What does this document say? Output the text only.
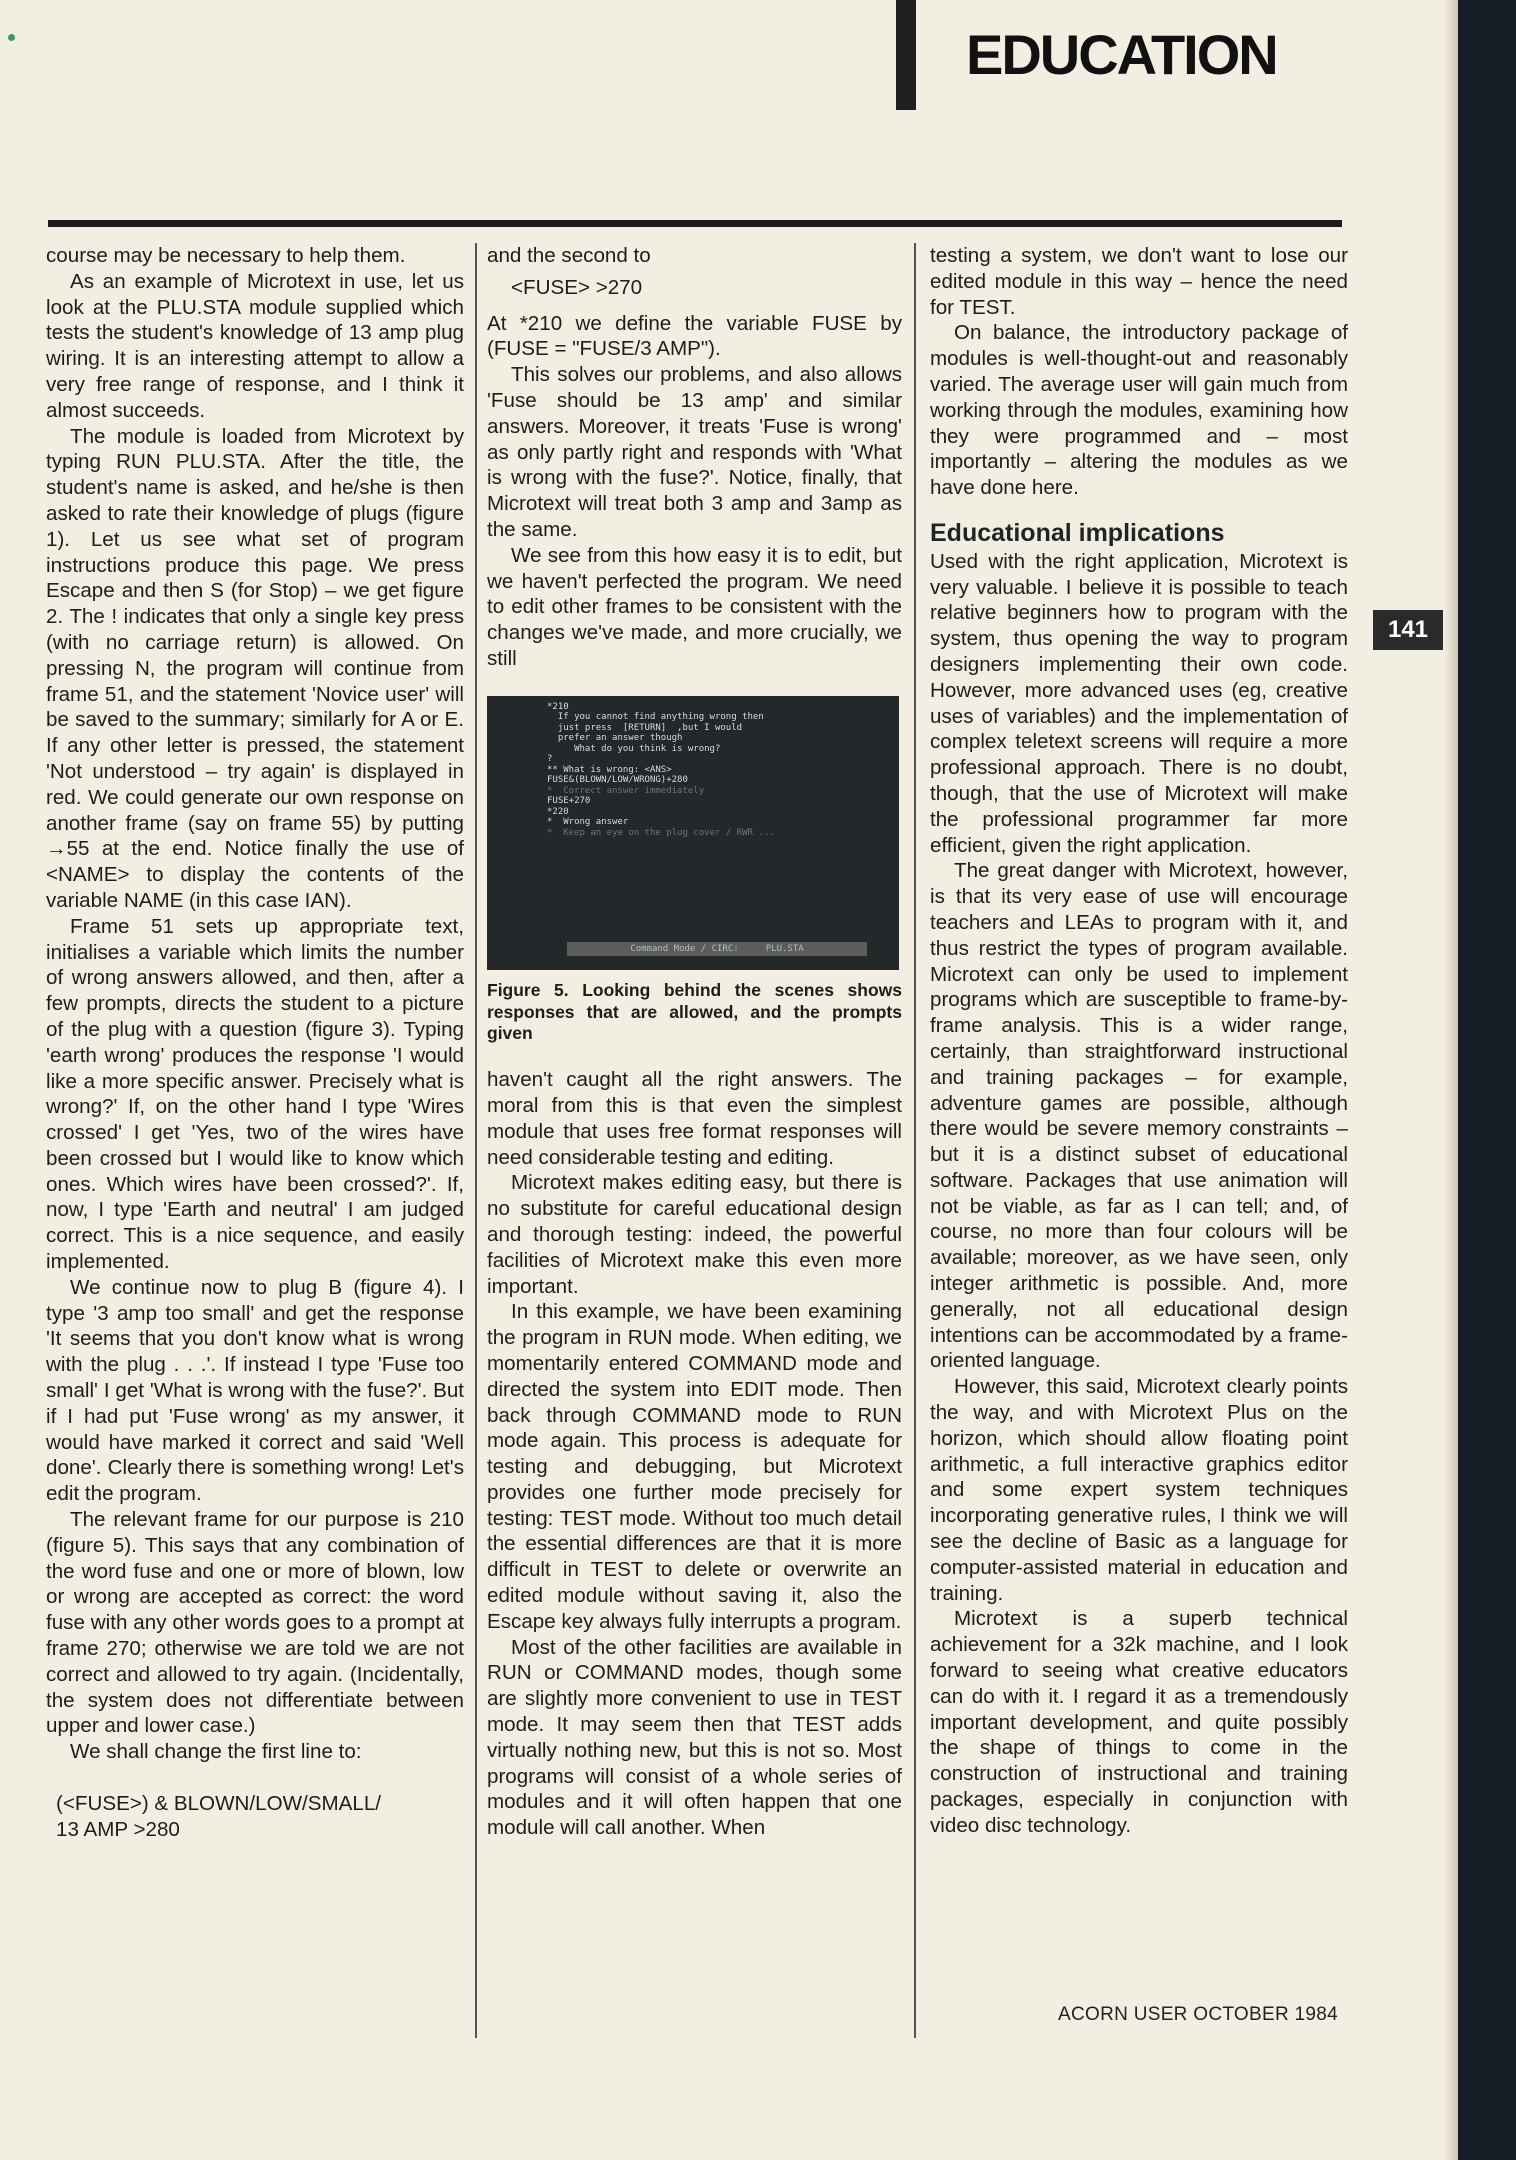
EDUCATION
141

course may be necessary to help them.

As an example of Microtext in use, let us look at the PLU.STA module supplied which tests the student's knowledge of 13 amp plug wiring. It is an interesting attempt to allow a very free range of response, and I think it almost succeeds.

The module is loaded from Microtext by typing RUN PLU.STA. After the title, the student's name is asked, and he/she is then asked to rate their knowledge of plugs (figure 1). Let us see what set of program instructions produce this page. We press Escape and then S (for Stop) – we get figure 2. The ! indicates that only a single key press (with no carriage return) is allowed. On pressing N, the program will continue from frame 51, and the statement 'Novice user' will be saved to the summary; similarly for A or E. If any other letter is pressed, the statement 'Not understood – try again' is displayed in red. We could generate our own response on another frame (say on frame 55) by putting →55 at the end. Notice finally the use of <NAME> to display the contents of the variable NAME (in this case IAN).

Frame 51 sets up appropriate text, initialises a variable which limits the number of wrong answers allowed, and then, after a few prompts, directs the student to a picture of the plug with a question (figure 3). Typing 'earth wrong' produces the response 'I would like a more specific answer. Precisely what is wrong?' If, on the other hand I type 'Wires crossed' I get 'Yes, two of the wires have been crossed but I would like to know which ones. Which wires have been crossed?'. If, now, I type 'Earth and neutral' I am judged correct. This is a nice sequence, and easily implemented.

We continue now to plug B (figure 4). I type '3 amp too small' and get the response 'It seems that you don't know what is wrong with the plug . . .'. If instead I type 'Fuse too small' I get 'What is wrong with the fuse?'. But if I had put 'Fuse wrong' as my answer, it would have marked it correct and said 'Well done'. Clearly there is something wrong! Let's edit the program.

The relevant frame for our purpose is 210 (figure 5). This says that any combination of the word fuse and one or more of blown, low or wrong are accepted as correct: the word fuse with any other words goes to a prompt at frame 270; otherwise we are told we are not correct and allowed to try again. (Incidentally, the system does not differentiate between upper and lower case.)

We shall change the first line to:

(<FUSE>) & BLOWN/LOW/SMALL/

13 AMP >280

and the second to

<FUSE> >270

At *210 we define the variable FUSE by (FUSE = "FUSE/3 AMP").

This solves our problems, and also allows 'Fuse should be 13 amp' and similar answers. Moreover, it treats 'Fuse is wrong' as only partly right and responds with 'What is wrong with the fuse?'. Notice, finally, that Microtext will treat both 3 amp and 3amp as the same.

We see from this how easy it is to edit, but we haven't perfected the program. We need to edit other frames to be consistent with the changes we've made, and more crucially, we still

*210
If you cannot find anything wrong then
just press  [RETURN]  ,but I would
prefer an answer though
What do you think is wrong?
?
** What is wrong: <ANS>
FUSE&(BLOWN/LOW/WRONG)+280
*  Correct answer immediately
FUSE+270
*220
*  Wrong answer
*  Keep an eye on the plug cover / RWR ...
Command Mode / CIRC:     PLU.STA

Figure 5. Looking behind the scenes shows responses that are allowed, and the prompts given

haven't caught all the right answers. The moral from this is that even the simplest module that uses free format responses will need considerable testing and editing.

Microtext makes editing easy, but there is no substitute for careful educational design and thorough testing: indeed, the powerful facilities of Microtext make this even more important.

In this example, we have been examining the program in RUN mode. When editing, we momentarily entered COMMAND mode and directed the system into EDIT mode. Then back through COMMAND mode to RUN mode again. This process is adequate for testing and debugging, but Microtext provides one further mode precisely for testing: TEST mode. Without too much detail the essential differences are that it is more difficult in TEST to delete or overwrite an edited module without saving it, also the Escape key always fully interrupts a program.

Most of the other facilities are available in RUN or COMMAND modes, though some are slightly more convenient to use in TEST mode. It may seem then that TEST adds virtually nothing new, but this is not so. Most programs will consist of a whole series of modules and it will often happen that one module will call another. When

testing a system, we don't want to lose our edited module in this way – hence the need for TEST.

On balance, the introductory package of modules is well-thought-out and reasonably varied. The average user will gain much from working through the modules, examining how they were programmed and – most importantly – altering the modules as we have done here.

Educational implications

Used with the right application, Microtext is very valuable. I believe it is possible to teach relative beginners how to program with the system, thus opening the way to program designers implementing their own code. However, more advanced uses (eg, creative uses of variables) and the implementation of complex teletext screens will require a more professional approach. There is no doubt, though, that the use of Microtext will make the professional programmer far more efficient, given the right application.

The great danger with Microtext, however, is that its very ease of use will encourage teachers and LEAs to program with it, and thus restrict the types of program available. Microtext can only be used to implement programs which are susceptible to frame-by-frame analysis. This is a wider range, certainly, than straightforward instructional and training packages – for example, adventure games are possible, although there would be severe memory constraints – but it is a distinct subset of educational software. Packages that use animation will not be viable, as far as I can tell; and, of course, no more than four colours will be available; moreover, as we have seen, only integer arithmetic is possible. And, more generally, not all educational design intentions can be accommodated by a frame-oriented language.

However, this said, Microtext clearly points the way, and with Microtext Plus on the horizon, which should allow floating point arithmetic, a full interactive graphics editor and some expert system techniques incorporating generative rules, I think we will see the decline of Basic as a language for computer-assisted material in education and training.

Microtext is a superb technical achievement for a 32k machine, and I look forward to seeing what creative educators can do with it. I regard it as a tremendously important development, and quite possibly the shape of things to come in the construction of instructional and training packages, especially in conjunction with video disc technology.

ACORN USER OCTOBER 1984
